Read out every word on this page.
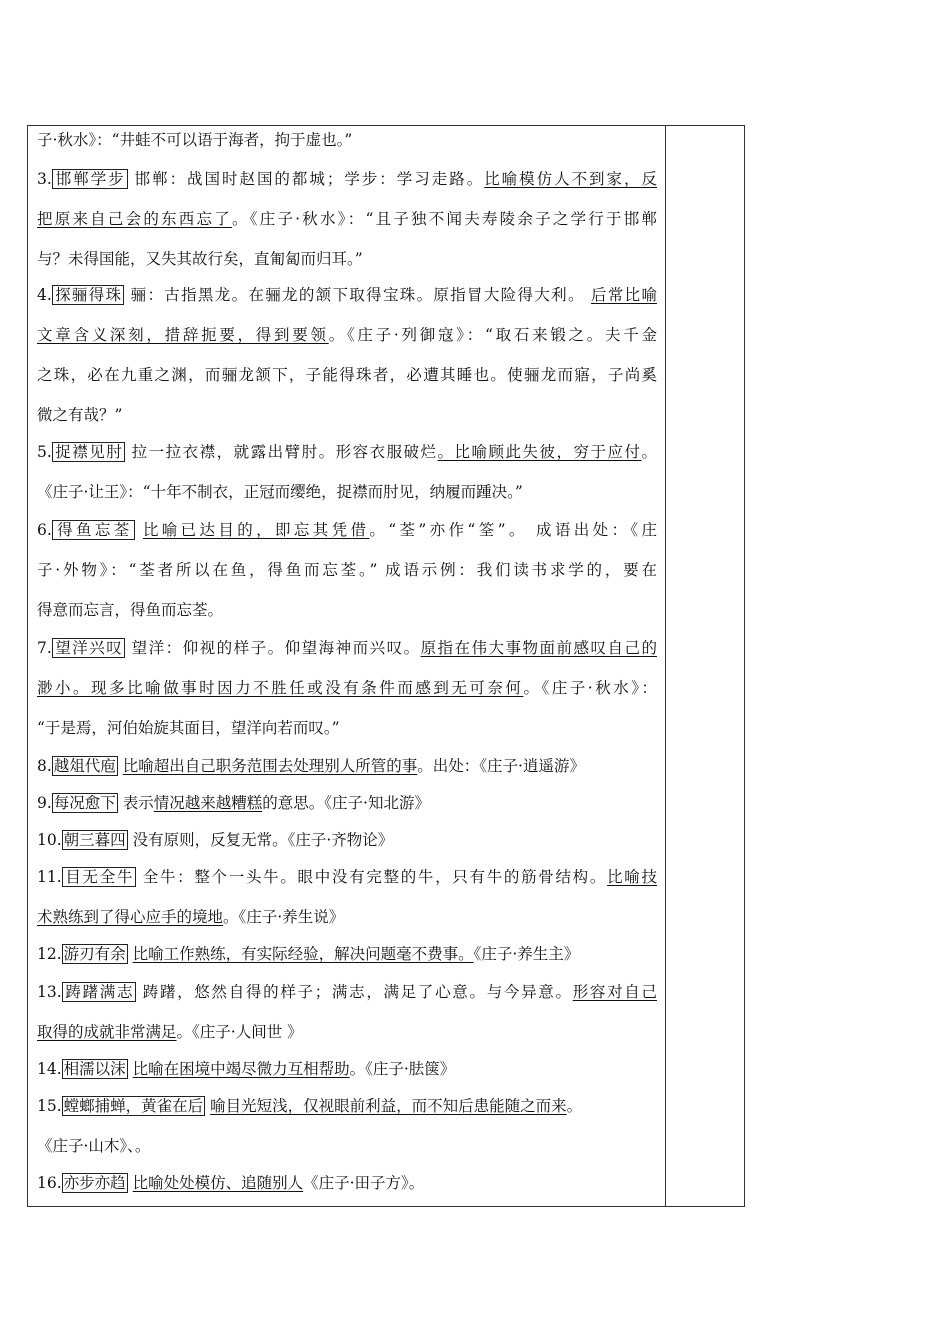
子·秋水》：“井蛙不可以语于海者，拘于虚也。”
3. 邯郸学步 邯郸：战国时赵国的都城；学步：学习走路。比喻模仿人不到家，反
把原来自己会的东西忘了。《庄子·秋水》：“且子独不闻夫寿陵余子之学行于邯郸
与？未得国能，又失其故行矣，直匍匐而归耳。”
4. 探骊得珠 骊：古指黑龙。在骊龙的颔下取得宝珠。原指冒大险得大利。 后常比喻
文章含义深刻，措辞扼要，得到要领。《庄子·列御寇》：“取石来锻之。夫千金
之珠，必在九重之渊，而骊龙颔下，子能得珠者，必遭其睡也。使骊龙而寤，子尚奚
微之有哉？”
5. 捉襟见肘 拉一拉衣襟，就露出臂肘。形容衣服破烂。比喻顾此失彼，穷于应付。
《庄子·让王》：“十年不制衣，正冠而缨绝，捉襟而肘见，纳履而踵决。”
6. 得鱼忘荃 比喻已达目的，即忘其凭借。“荃”亦作“筌”。 成语出处：《庄
子·外物》：“荃者所以在鱼，得鱼而忘荃。” 成语示例：我们读书求学的，要在
得意而忘言，得鱼而忘荃。
7. 望洋兴叹 望洋：仰视的样子。仰望海神而兴叹。原指在伟大事物面前感叹自己的
渺小。现多比喻做事时因力不胜任或没有条件而感到无可奈何。《庄子·秋水》：
“于是焉，河伯始旋其面目，望洋向若而叹。”
8. 越俎代庖 比喻超出自己职务范围去处理别人所管的事。出处：《庄子·逍遥游》
9. 每况愈下 表示情况越来越糟糕的意思。《庄子·知北游》
10. 朝三暮四 没有原则，反复无常。《庄子·齐物论》
11. 目无全牛 全牛：整个一头牛。眼中没有完整的牛，只有牛的筋骨结构。比喻技
术熟练到了得心应手的境地。《庄子·养生说》
12. 游刃有余 比喻工作熟练，有实际经验，解决问题毫不费事。《庄子·养生主》
13. 踌躇满志 踌躇，悠然自得的样子；满志，满足了心意。与今异意。形容对自己
取得的成就非常满足。《庄子·人间世 》
14. 相濡以沫 比喻在困境中竭尽微力互相帮助。《庄子·胠箧》
15. 螳螂捕蝉，黄雀在后 喻目光短浅，仅视眼前利益，而不知后患能随之而来。
《庄子·山木》、。
16. 亦步亦趋 比喻处处模仿、追随别人《庄子·田子方》。
